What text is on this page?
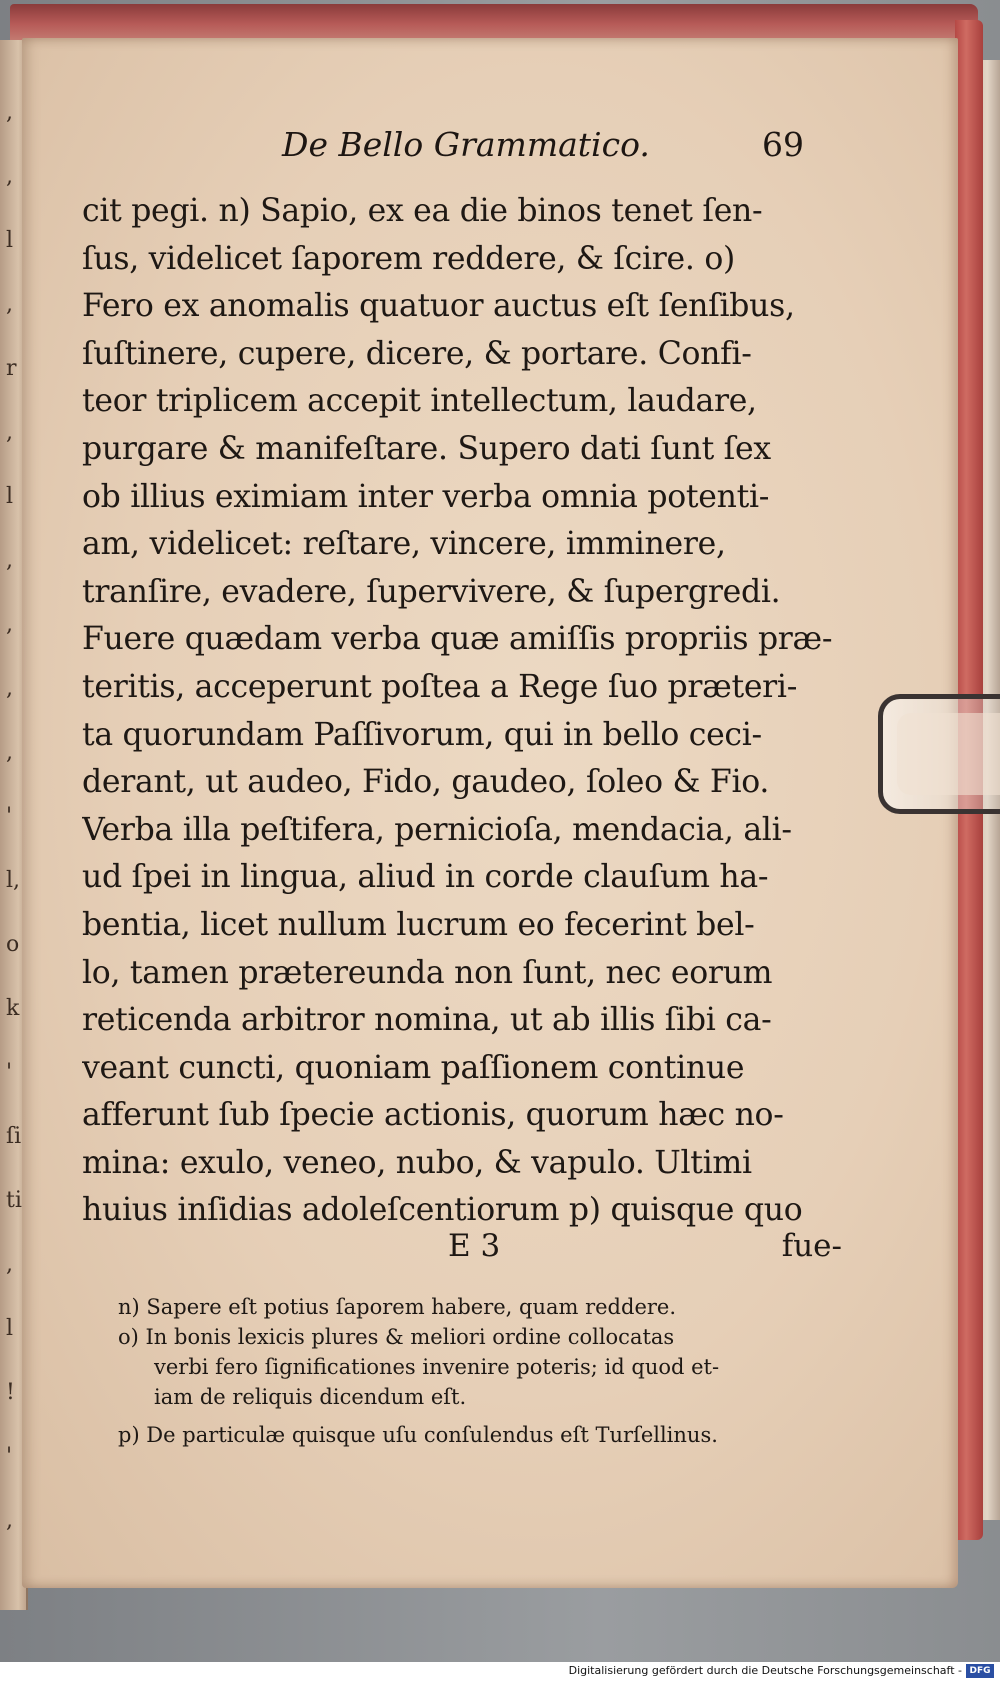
,
,
l
,
r
,
l
,
,
,
,
'
l,
o
k
'
ſi
ti
,
l
!
'
,
De Bello Grammatico.	69
cit pegi. n) Sapio, ex ea die binos tenet ſen-
ſus, videlicet ſaporem reddere, & ſcire. o)
Fero ex anomalis quatuor auctus eſt ſenſibus,
ſuſtinere, cupere, dicere, & portare. Confi-
teor triplicem accepit intellectum, laudare,
purgare & manifeſtare. Supero dati ſunt ſex
ob illius eximiam inter verba omnia potenti-
am, videlicet: reſtare, vincere, imminere,
tranſire, evadere, ſupervivere, & ſupergredi.
Fuere quædam verba quæ amiſſis propriis præ-
teritis, acceperunt poſtea a Rege ſuo præteri-
ta quorundam Paſſivorum, qui in bello ceci-
derant, ut audeo, Fido, gaudeo, ſoleo & Fio.
Verba illa peſtifera, pernicioſa, mendacia, ali-
ud ſpei in lingua, aliud in corde clauſum ha-
bentia, licet nullum lucrum eo fecerint bel-
lo, tamen prætereunda non ſunt, nec eorum
reticenda arbitror nomina, ut ab illis ſibi ca-
veant cuncti, quoniam paſſionem continue
afferunt ſub ſpecie actionis, quorum hæc no-
mina: exulo, veneo, nubo, & vapulo. Ultimi
huius inſidias adoleſcentiorum p) quisque quo
E 3	fue-
n) Sapere eſt potius ſaporem habere, quam reddere.
o) In bonis lexicis plures & meliori ordine collocatas
verbi fero ſignificationes invenire poteris; id quod et-
iam de reliquis dicendum eſt.
p) De particulæ quisque uſu conſulendus eſt Turſellinus.
Digitalisierung gefördert durch die Deutsche Forschungsgemeinschaft - DFG
